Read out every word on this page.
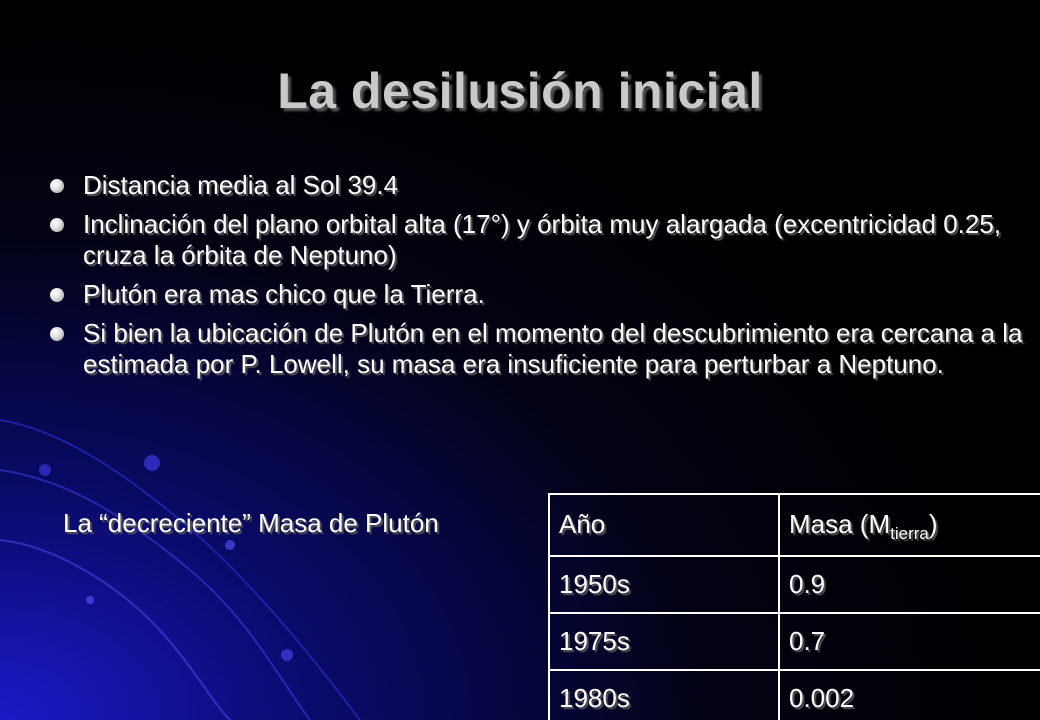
La desilusión inicial
Distancia media al Sol 39.4
Inclinación del plano orbital alta (17°) y órbita muy alargada (excentricidad 0.25, cruza la órbita de Neptuno)
Plutón era mas chico que la Tierra.
Si bien la ubicación de Plutón en el momento del descubrimiento era cercana a la estimada por P. Lowell, su masa era insuficiente para perturbar a Neptuno.
La “decreciente” Masa de Plutón	Año	Masa $(M_{tierra})$
1950s	0.9
1975s	0.7
1980s	0.002
